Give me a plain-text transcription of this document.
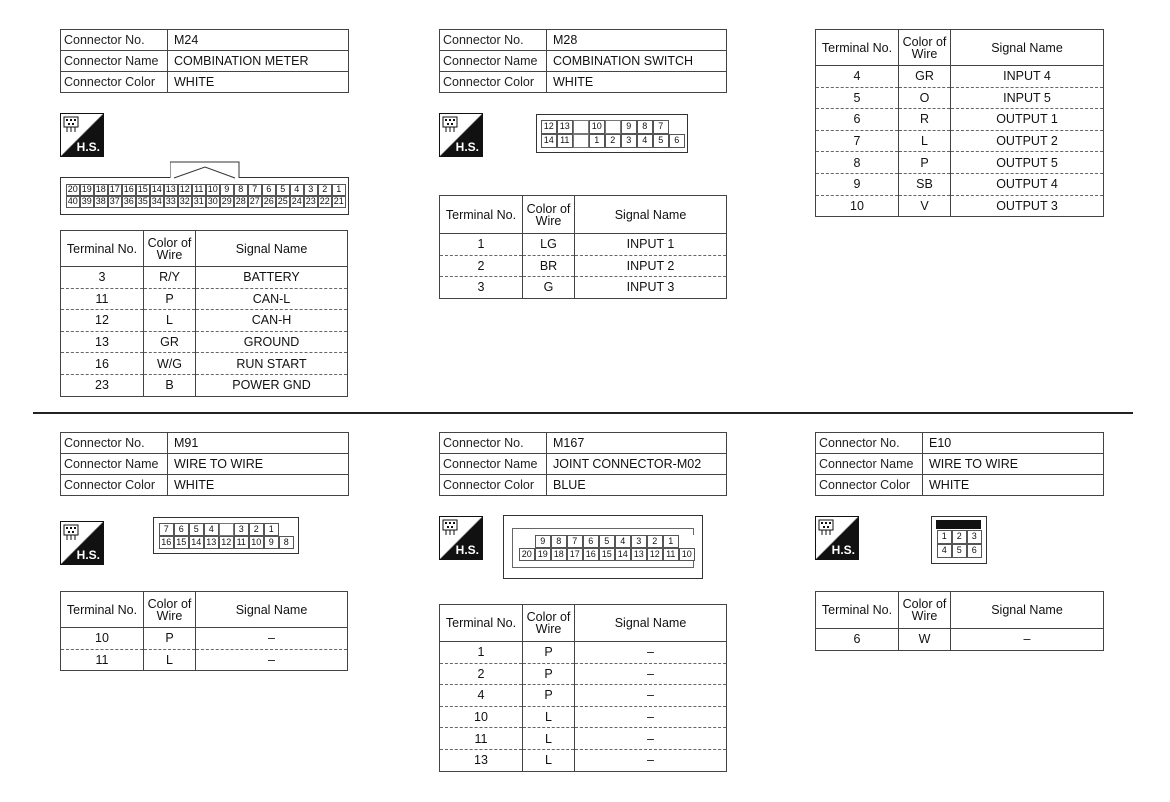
Connector No.	M24
Connector Name	COMBINATION METER
Connector Color	WHITE
H.S.
20 19 18 17 16 15 14 13 12 11 10 9 8 7 6 5 4 3 2 1
40 39 38 37 36 35 34 33 32 31 30 29 28 27 26 25 24 23 22 21
Terminal No.	Color of Wire	Signal Name
3	R/Y	BATTERY
11	P	CAN-L
12	L	CAN-H
13	GR	GROUND
16	W/G	RUN START
23	B	POWER GND
Connector No.	M28
Connector Name	COMBINATION SWITCH
Connector Color	WHITE
H.S.
12 13	10	9	8	7
14 11	1	2	3	4	5	6
Terminal No.	Color of Wire	Signal Name
1	LG	INPUT 1
2	BR	INPUT 2
3	G	INPUT 3
Terminal No.	Color of Wire	Signal Name
4	GR	INPUT 4
5	O	INPUT 5
6	R	OUTPUT 1
7	L	OUTPUT 2
8	P	OUTPUT 5
9	SB	OUTPUT 4
10	V	OUTPUT 3
Connector No.	M91
Connector Name	WIRE TO WIRE
Connector Color	WHITE
H.S.
7	6	5	4	3	2	1
16 15 14 13 12 11 10 9	8
Terminal No.	Color of Wire	Signal Name
10	P	–
11	L	–
Connector No.	M167
Connector Name	JOINT CONNECTOR-M02
Connector Color	BLUE
H.S.
9	8	7	6	5	4	3	2	1
20 19 18 17 16 15 14 13 12 11 10
Terminal No.	Color of Wire	Signal Name
1	P	–
2	P	–
4	P	–
10	L	–
11	L	–
13	L	–
Connector No.	E10
Connector Name	WIRE TO WIRE
Connector Color	WHITE
H.S.
1	2	3
4	5	6
Terminal No.	Color of Wire	Signal Name
6	W	–
